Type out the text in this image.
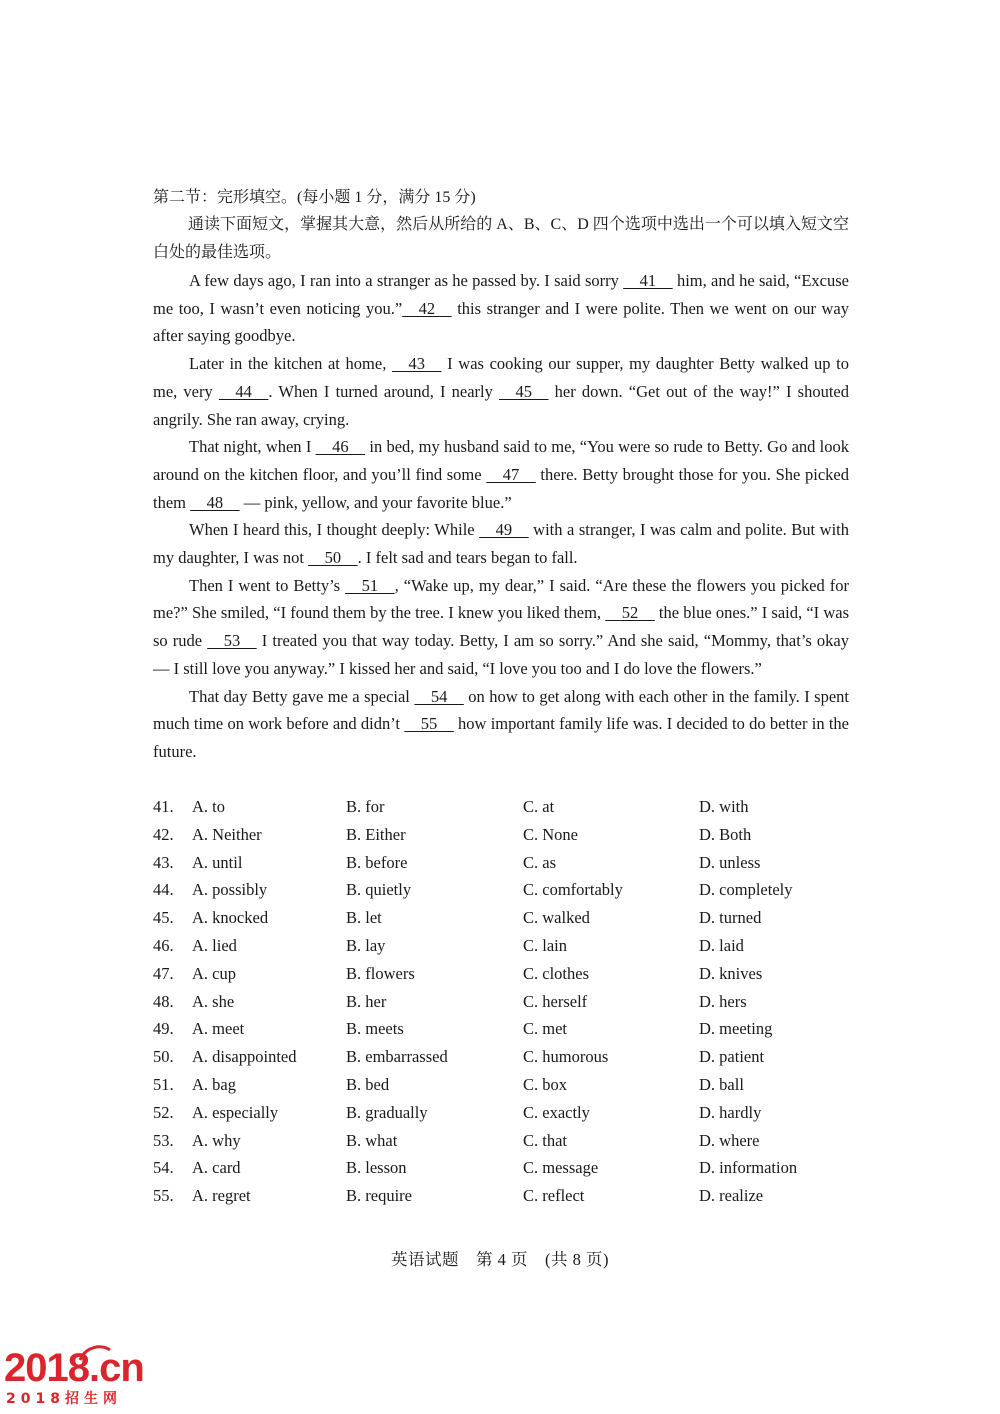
第二节：完形填空。(每小题 1 分，满分 15 分)
通读下面短文，掌握其大意，然后从所给的 A、B、C、D 四个选项中选出一个可以填入短文空白处的最佳选项。

A few days ago, I ran into a stranger as he passed by. I said sorry   41   him, and he said, “Excuse me too, I wasn’t even noticing you.”  42   this stranger and I were polite. Then we went on our way after saying goodbye.

Later in the kitchen at home,   43   I was cooking our supper, my daughter Betty walked up to me, very   44  . When I turned around, I nearly   45   her down. “Get out of the way!” I shouted angrily. She ran away, crying.

That night, when I   46   in bed, my husband said to me, “You were so rude to Betty. Go and look around on the kitchen floor, and you’ll find some   47   there. Betty brought those for you. She picked them   48   — pink, yellow, and your favorite blue.”

When I heard this, I thought deeply: While   49   with a stranger, I was calm and polite. But with my daughter, I was not   50  . I felt sad and tears began to fall.

Then I went to Betty’s   51  , “Wake up, my dear,” I said. “Are these the flowers you picked for me?” She smiled, “I found them by the tree. I knew you liked them,   52   the blue ones.” I said, “I was so rude   53   I treated you that way today. Betty, I am so sorry.” And she said, “Mommy, that’s okay — I still love you anyway.” I kissed her and said, “I love you too and I do love the flowers.”

That day Betty gave me a special   54   on how to get along with each other in the family. I spent much time on work before and didn’t   55   how important family life was. I decided to do better in the future.

41. A. to	B. for	C. at	D. with
42. A. Neither	B. Either	C. None	D. Both
43. A. until	B. before	C. as	D. unless
44. A. possibly	B. quietly	C. comfortably	D. completely
45. A. knocked	B. let	C. walked	D. turned
46. A. lied	B. lay	C. lain	D. laid
47. A. cup	B. flowers	C. clothes	D. knives
48. A. she	B. her	C. herself	D. hers
49. A. meet	B. meets	C. met	D. meeting
50. A. disappointed	B. embarrassed	C. humorous	D. patient
51. A. bag	B. bed	C. box	D. ball
52. A. especially	B. gradually	C. exactly	D. hardly
53. A. why	B. what	C. that	D. where
54. A. card	B. lesson	C. message	D. information
55. A. regret	B. require	C. reflect	D. realize
英语试题　第 4 页　(共 8 页)
2018.cn
2018招生网
